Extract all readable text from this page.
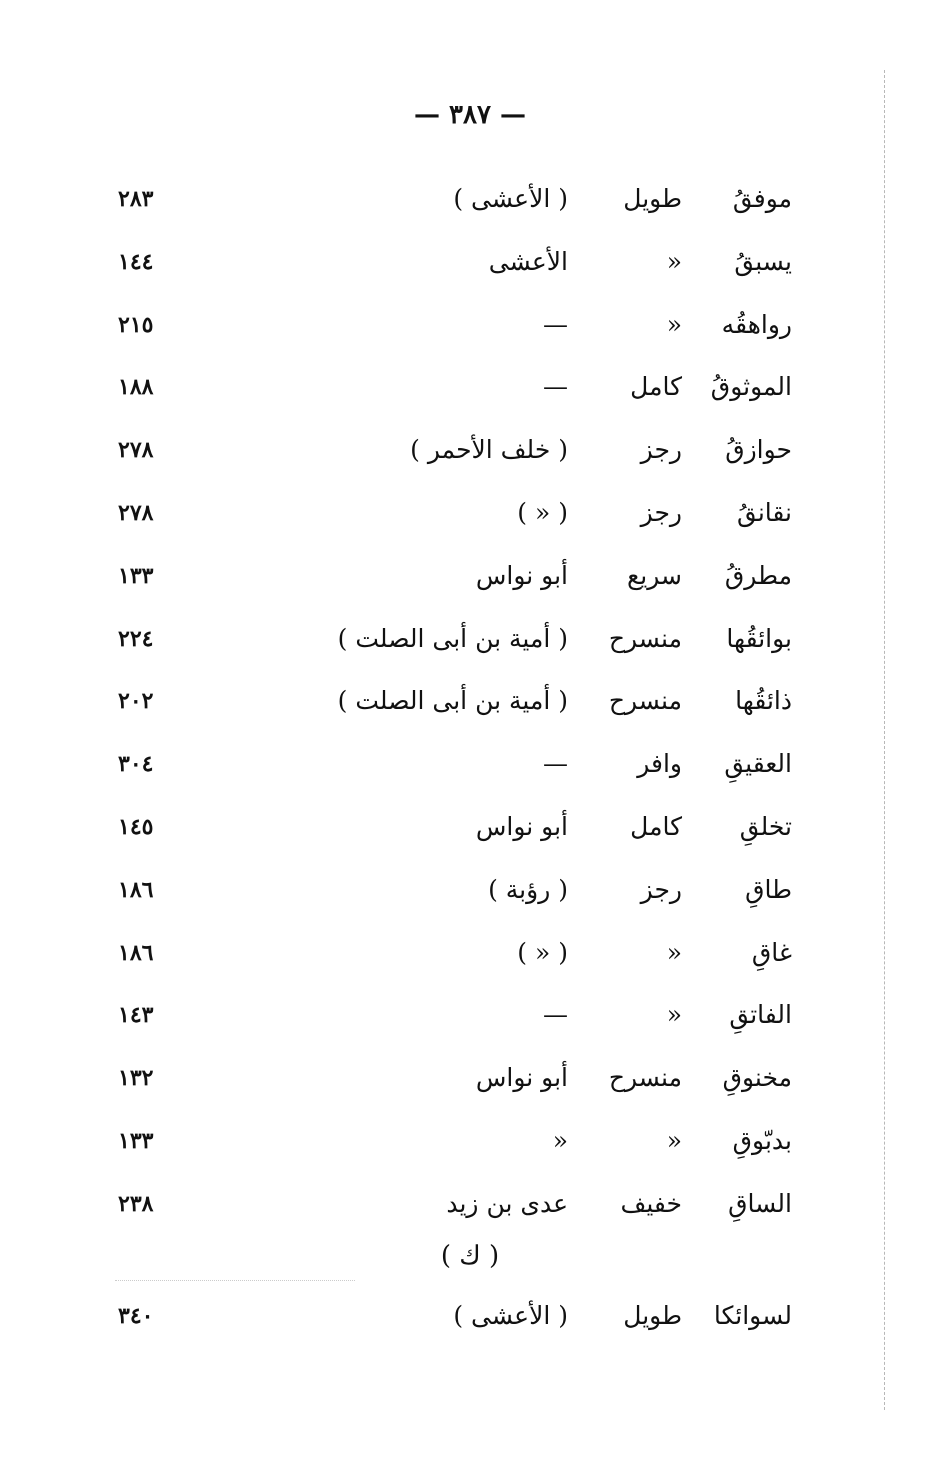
— ٣٨٧ —
موفقُ
طويل
( الأعشى )
٢٨٣
يسبقُ
«
الأعشى
١٤٤
رواهقُه
«
—
٢١٥
الموثوقُ
كامل
—
١٨٨
حوازقُ
رجز
( خلف الأحمر )
٢٧٨
نقانقُ
رجز
( « )
٢٧٨
مطرقُ
سريع
أبو نواس
١٣٣
بوائقُها
منسرح
( أمية بن أبى الصلت )
٢٢٤
ذائقُها
منسرح
( أمية بن أبى الصلت )
٢٠٢
العقيقِ
وافر
—
٣٠٤
تخلقِ
كامل
أبو نواس
١٤٥
طاقِ
رجز
( رؤبة )
١٨٦
غاقِ
«
( « )
١٨٦
الفاتقِ
«
—
١٤٣
مخنوقِ
منسرح
أبو نواس
١٣٢
بدبّوقِ
«
«
١٣٣
الساقِ
خفيف
عدى بن زيد
٢٣٨
( ك )
لسوائكا
طويل
( الأعشى )
٣٤٠
